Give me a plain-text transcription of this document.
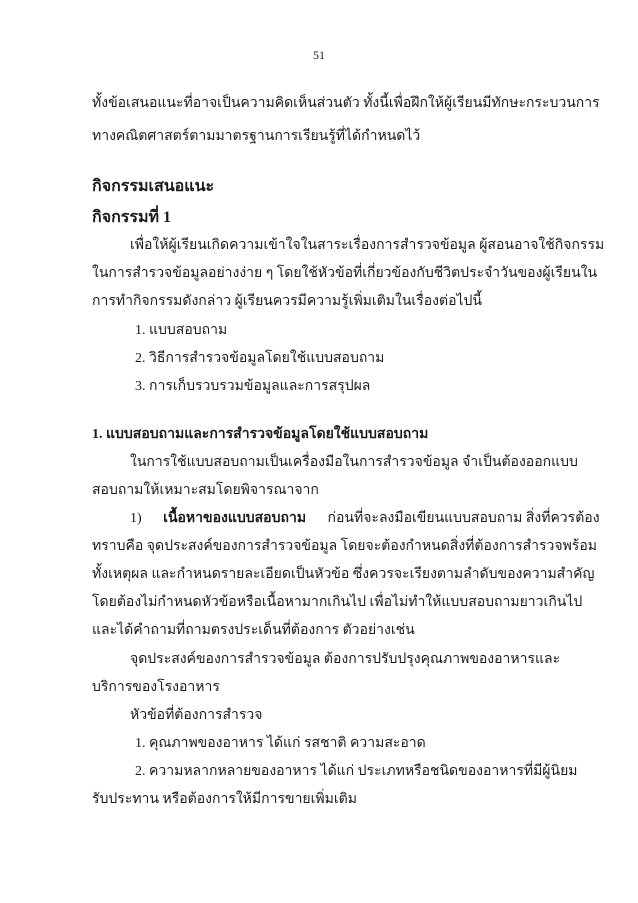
51
ทั้งข้อเสนอแนะที่อาจเป็นความคิดเห็นส่วนตัว ทั้งนี้เพื่อฝึกให้ผู้เรียนมีทักษะกระบวนการ
ทางคณิตศาสตร์ตามมาตรฐานการเรียนรู้ที่ได้กำหนดไว้
กิจกรรมเสนอแนะ
กิจกรรมที่ 1
เพื่อให้ผู้เรียนเกิดความเข้าใจในสาระเรื่องการสำรวจข้อมูล ผู้สอนอาจใช้กิจกรรม
ในการสำรวจข้อมูลอย่างง่าย ๆ โดยใช้หัวข้อที่เกี่ยวข้องกับชีวิตประจำวันของผู้เรียนใน
การทำกิจกรรมดังกล่าว ผู้เรียนควรมีความรู้เพิ่มเติมในเรื่องต่อไปนี้
1. แบบสอบถาม
2. วิธีการสำรวจข้อมูลโดยใช้แบบสอบถาม
3. การเก็บรวบรวมข้อมูลและการสรุปผล
1. แบบสอบถามและการสำรวจข้อมูลโดยใช้แบบสอบถาม
ในการใช้แบบสอบถามเป็นเครื่องมือในการสำรวจข้อมูล จำเป็นต้องออกแบบ
สอบถามให้เหมาะสมโดยพิจารณาจาก
1) เนื้อหาของแบบสอบถาม ก่อนที่จะลงมือเขียนแบบสอบถาม สิ่งที่ควรต้อง
ทราบคือ จุดประสงค์ของการสำรวจข้อมูล โดยจะต้องกำหนดสิ่งที่ต้องการสำรวจพร้อม
ทั้งเหตุผล และกำหนดรายละเอียดเป็นหัวข้อ ซึ่งควรจะเรียงตามลำดับของความสำคัญ
โดยต้องไม่กำหนดหัวข้อหรือเนื้อหามากเกินไป เพื่อไม่ทำให้แบบสอบถามยาวเกินไป
และได้คำถามที่ถามตรงประเด็นที่ต้องการ ตัวอย่างเช่น
จุดประสงค์ของการสำรวจข้อมูล ต้องการปรับปรุงคุณภาพของอาหารและ
บริการของโรงอาหาร
หัวข้อที่ต้องการสำรวจ
1. คุณภาพของอาหาร ได้แก่ รสชาติ ความสะอาด
2. ความหลากหลายของอาหาร ได้แก่ ประเภทหรือชนิดของอาหารที่มีผู้นิยม
รับประทาน หรือต้องการให้มีการขายเพิ่มเติม
